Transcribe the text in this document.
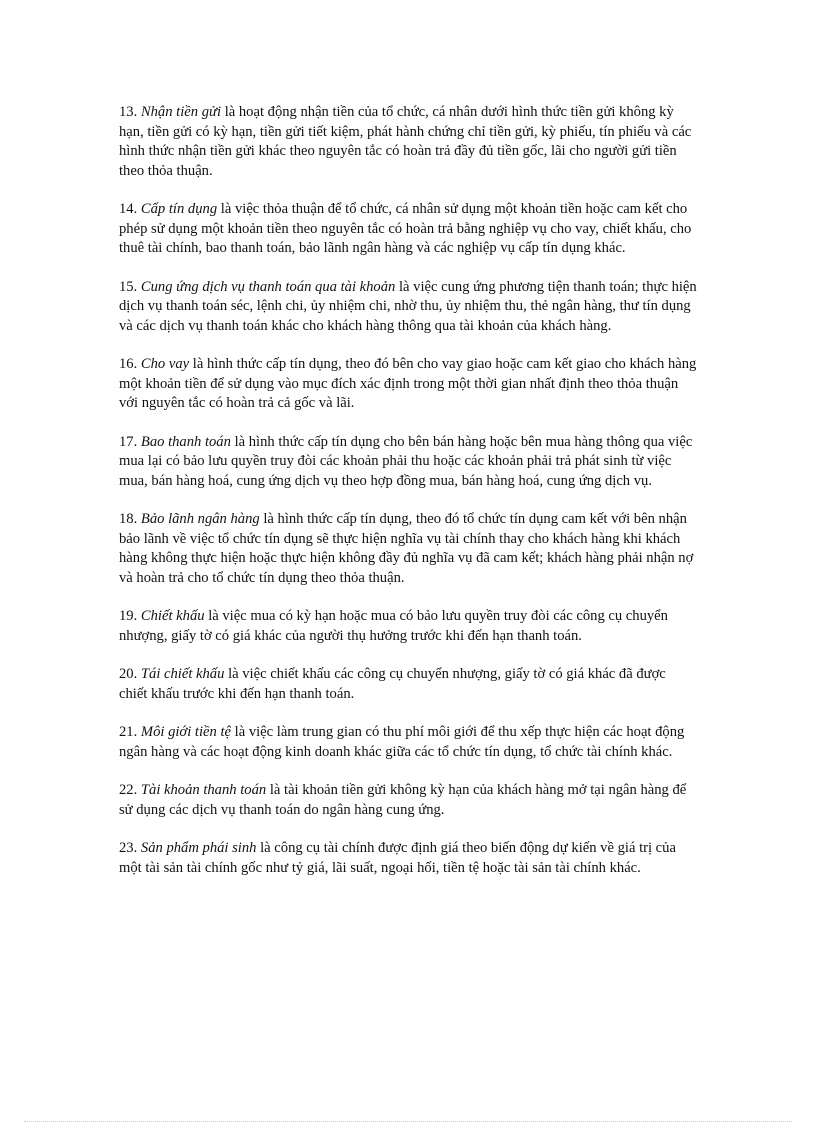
13. Nhận tiền gửi là hoạt động nhận tiền của tổ chức, cá nhân dưới hình thức tiền gửi không kỳ hạn, tiền gửi có kỳ hạn, tiền gửi tiết kiệm, phát hành chứng chỉ tiền gửi, kỳ phiếu, tín phiếu và các hình thức nhận tiền gửi khác theo nguyên tắc có hoàn trả đầy đủ tiền gốc, lãi cho người gửi tiền theo thỏa thuận.

14. Cấp tín dụng là việc thỏa thuận để tổ chức, cá nhân sử dụng một khoản tiền hoặc cam kết cho phép sử dụng một khoản tiền theo nguyên tắc có hoàn trả bằng nghiệp vụ cho vay, chiết khấu, cho thuê tài chính, bao thanh toán, bảo lãnh ngân hàng và các nghiệp vụ cấp tín dụng khác.

15. Cung ứng dịch vụ thanh toán qua tài khoản là việc cung ứng phương tiện thanh toán; thực hiện dịch vụ thanh toán séc, lệnh chi, ủy nhiệm chi, nhờ thu, ủy nhiệm thu, thẻ ngân hàng, thư tín dụng và các dịch vụ thanh toán khác cho khách hàng thông qua tài khoản của khách hàng.

16. Cho vay là hình thức cấp tín dụng, theo đó bên cho vay giao hoặc cam kết giao cho khách hàng một khoản tiền để sử dụng vào mục đích xác định trong một thời gian nhất định theo thỏa thuận với nguyên tắc có hoàn trả cả gốc và lãi.

17. Bao thanh toán là hình thức cấp tín dụng cho bên bán hàng hoặc bên mua hàng thông qua việc mua lại có bảo lưu quyền truy đòi các khoản phải thu hoặc các khoản phải trả phát sinh từ việc mua, bán hàng hoá, cung ứng dịch vụ theo hợp đồng mua, bán hàng hoá, cung ứng dịch vụ.

18. Bảo lãnh ngân hàng là hình thức cấp tín dụng, theo đó tổ chức tín dụng cam kết với bên nhận bảo lãnh về việc tổ chức tín dụng sẽ thực hiện nghĩa vụ tài chính thay cho khách hàng khi khách hàng không thực hiện hoặc thực hiện không đầy đủ nghĩa vụ đã cam kết; khách hàng phải nhận nợ và hoàn trả cho tổ chức tín dụng theo thỏa thuận.

19. Chiết khấu là việc mua có kỳ hạn hoặc mua có bảo lưu quyền truy đòi các công cụ chuyển nhượng, giấy tờ có giá khác của người thụ hưởng trước khi đến hạn thanh toán.

20. Tái chiết khấu là việc chiết khấu các công cụ chuyển nhượng, giấy tờ có giá khác đã được chiết khấu trước khi đến hạn thanh toán.

21. Môi giới tiền tệ là việc làm trung gian có thu phí môi giới để thu xếp thực hiện các hoạt động ngân hàng và các hoạt động kinh doanh khác giữa các tổ chức tín dụng, tổ chức tài chính khác.

22. Tài khoản thanh toán là tài khoản tiền gửi không kỳ hạn của khách hàng mở tại ngân hàng để sử dụng các dịch vụ thanh toán do ngân hàng cung ứng.

23. Sản phẩm phái sinh là công cụ tài chính được định giá theo biến động dự kiến về giá trị của một tài sản tài chính gốc như tỷ giá, lãi suất, ngoại hối, tiền tệ hoặc tài sản tài chính khác.
